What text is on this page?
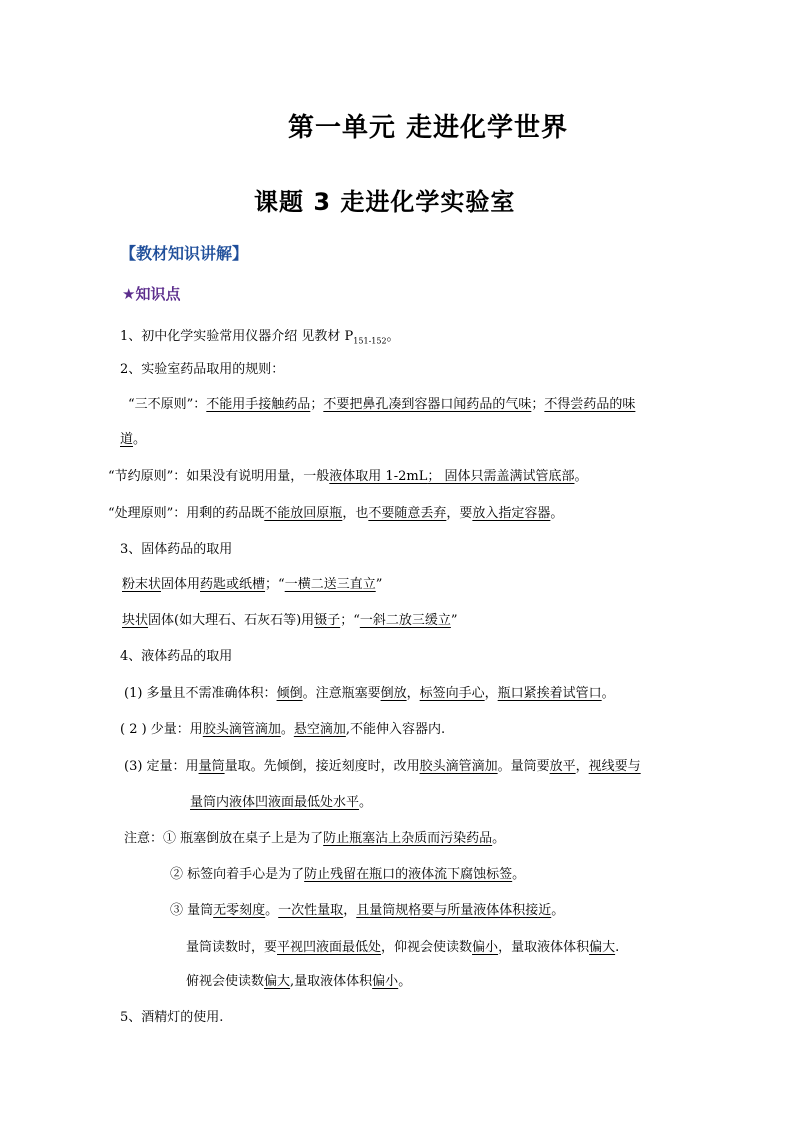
第一单元 走进化学世界
课题 3 走进化学实验室
【教材知识讲解】
★知识点
1、初中化学实验常用仪器介绍 见教材 $P_{151-152}$。
2、实验室药品取用的规则：
“三不原则”：不能用手接触药品；不要把鼻孔凑到容器口闻药品的气味；不得尝药品的味
道。
“节约原则”：如果没有说明用量，一般液体取用 1-2mL； 固体只需盖满试管底部。
“处理原则”：用剩的药品既不能放回原瓶，也不要随意丢弃，要放入指定容器。
3、固体药品的取用
粉末状固体用药匙或纸槽；“一横二送三直立”
块状固体(如大理石、石灰石等)用镊子；“一斜二放三缓立”
4、液体药品的取用
(1) 多量且不需准确体积：倾倒。注意瓶塞要倒放，标签向手心，瓶口紧挨着试管口。
( 2 ) 少量：用胶头滴管滴加。悬空滴加,不能伸入容器内.
(3) 定量：用量筒量取。先倾倒，接近刻度时，改用胶头滴管滴加。量筒要放平，视线要与
量筒内液体凹液面最低处水平。
注意：① 瓶塞倒放在桌子上是为了防止瓶塞沾上杂质而污染药品。
② 标签向着手心是为了防止残留在瓶口的液体流下腐蚀标签。
③ 量筒无零刻度。一次性量取，且量筒规格要与所量液体体积接近。
量筒读数时，要平视凹液面最低处，仰视会使读数偏小，量取液体体积偏大.
俯视会使读数偏大,量取液体体积偏小。
5、酒精灯的使用.
